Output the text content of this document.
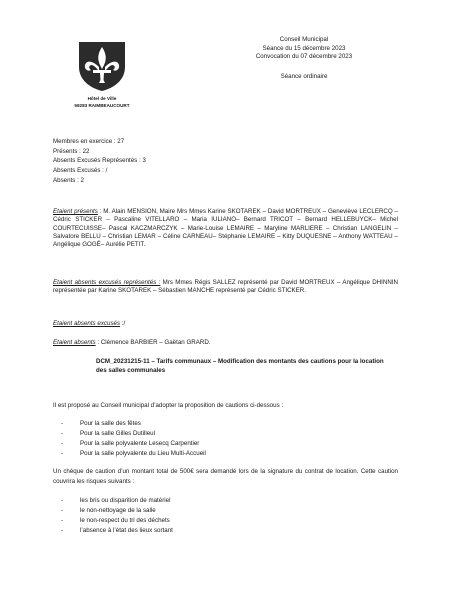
Hôtel de Ville
59283 RAIMBEAUCOURT
Conseil Municipal
Séance du 15 décembre 2023
Convocation du 07 décembre 2023
Séance ordinaire
Membres en exercice : 27
Présents : 22
Absents Excusés Représentés : 3
Absents Excusés : /
Absents : 2
Etaient présents : M. Alain MENSION, Maire Mrs Mmes Karine SKOTAREK – David MORTREUX – Geneviève LECLERCQ – Cédric STICKER – Pascaline VITELLARO – Maria IULIANO– Bernard TRICOT – Bernard HELLEBUYCK– Michel COURTECUISSE– Pascal KACZMARCZYK – Marie-Louise LEMAIRE – Maryline MARLIERE – Christian LANGELIN – Salvatore BELLU – Christian LEMAR – Céline CARNEAU– Stéphanie LEMAIRE – Kitty DUQUESNE – Anthony WATTEAU – Angélique GOGÉ– Aurélie PETIT.
Etaient absents excusés représentés : Mrs Mmes Régis SALLEZ représenté par David MORTREUX – Angélique DHINNIN représentée par Karine SKOTAREK – Sébastien MANCHE représenté par Cédric STICKER.
Etaient absents excusés :/
Etaient absents : Clémence BARBIER – Gaëtan GRARD.
DCM_20231215-11 – Tarifs communaux – Modification des montants des cautions pour la location des salles communales
Il est proposé au Conseil municipal d’adopter la proposition de cautions ci-dessous :
- Pour la salle des fêtes
- Pour la salle Gilles Dutilleul
- Pour la salle polyvalente Lesecq Carpentier
- Pour la salle polyvalente du Lieu Multi-Accueil
Un chèque de caution d’un montant total de 500€ sera demandé lors de la signature du contrat de location. Cette caution couvrira les risques suivants :
- les bris ou disparition de matériel
- le non-nettoyage de la salle
- le non-respect du tri des déchets
- l’absence à l’état des lieux sortant
